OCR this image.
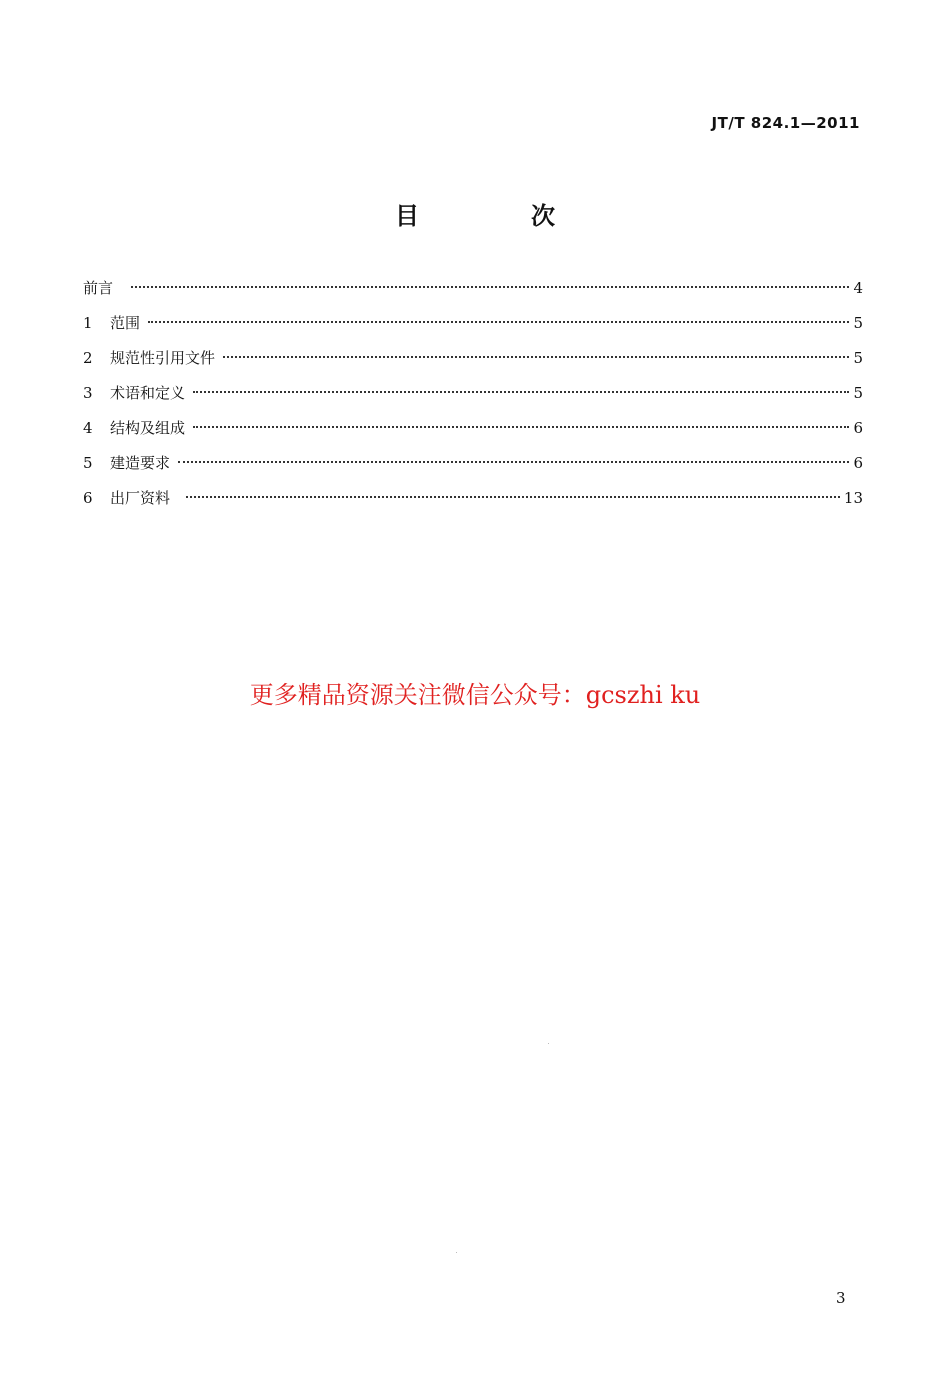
JT/T 824.1—2011
目　次
前言	4
1	范围	5
2	规范性引用文件	5
3	术语和定义	5
4	结构及组成	6
5	建造要求	6
6	出厂资料	13
更多精品资源关注微信公众号：gcszhi ku
3
